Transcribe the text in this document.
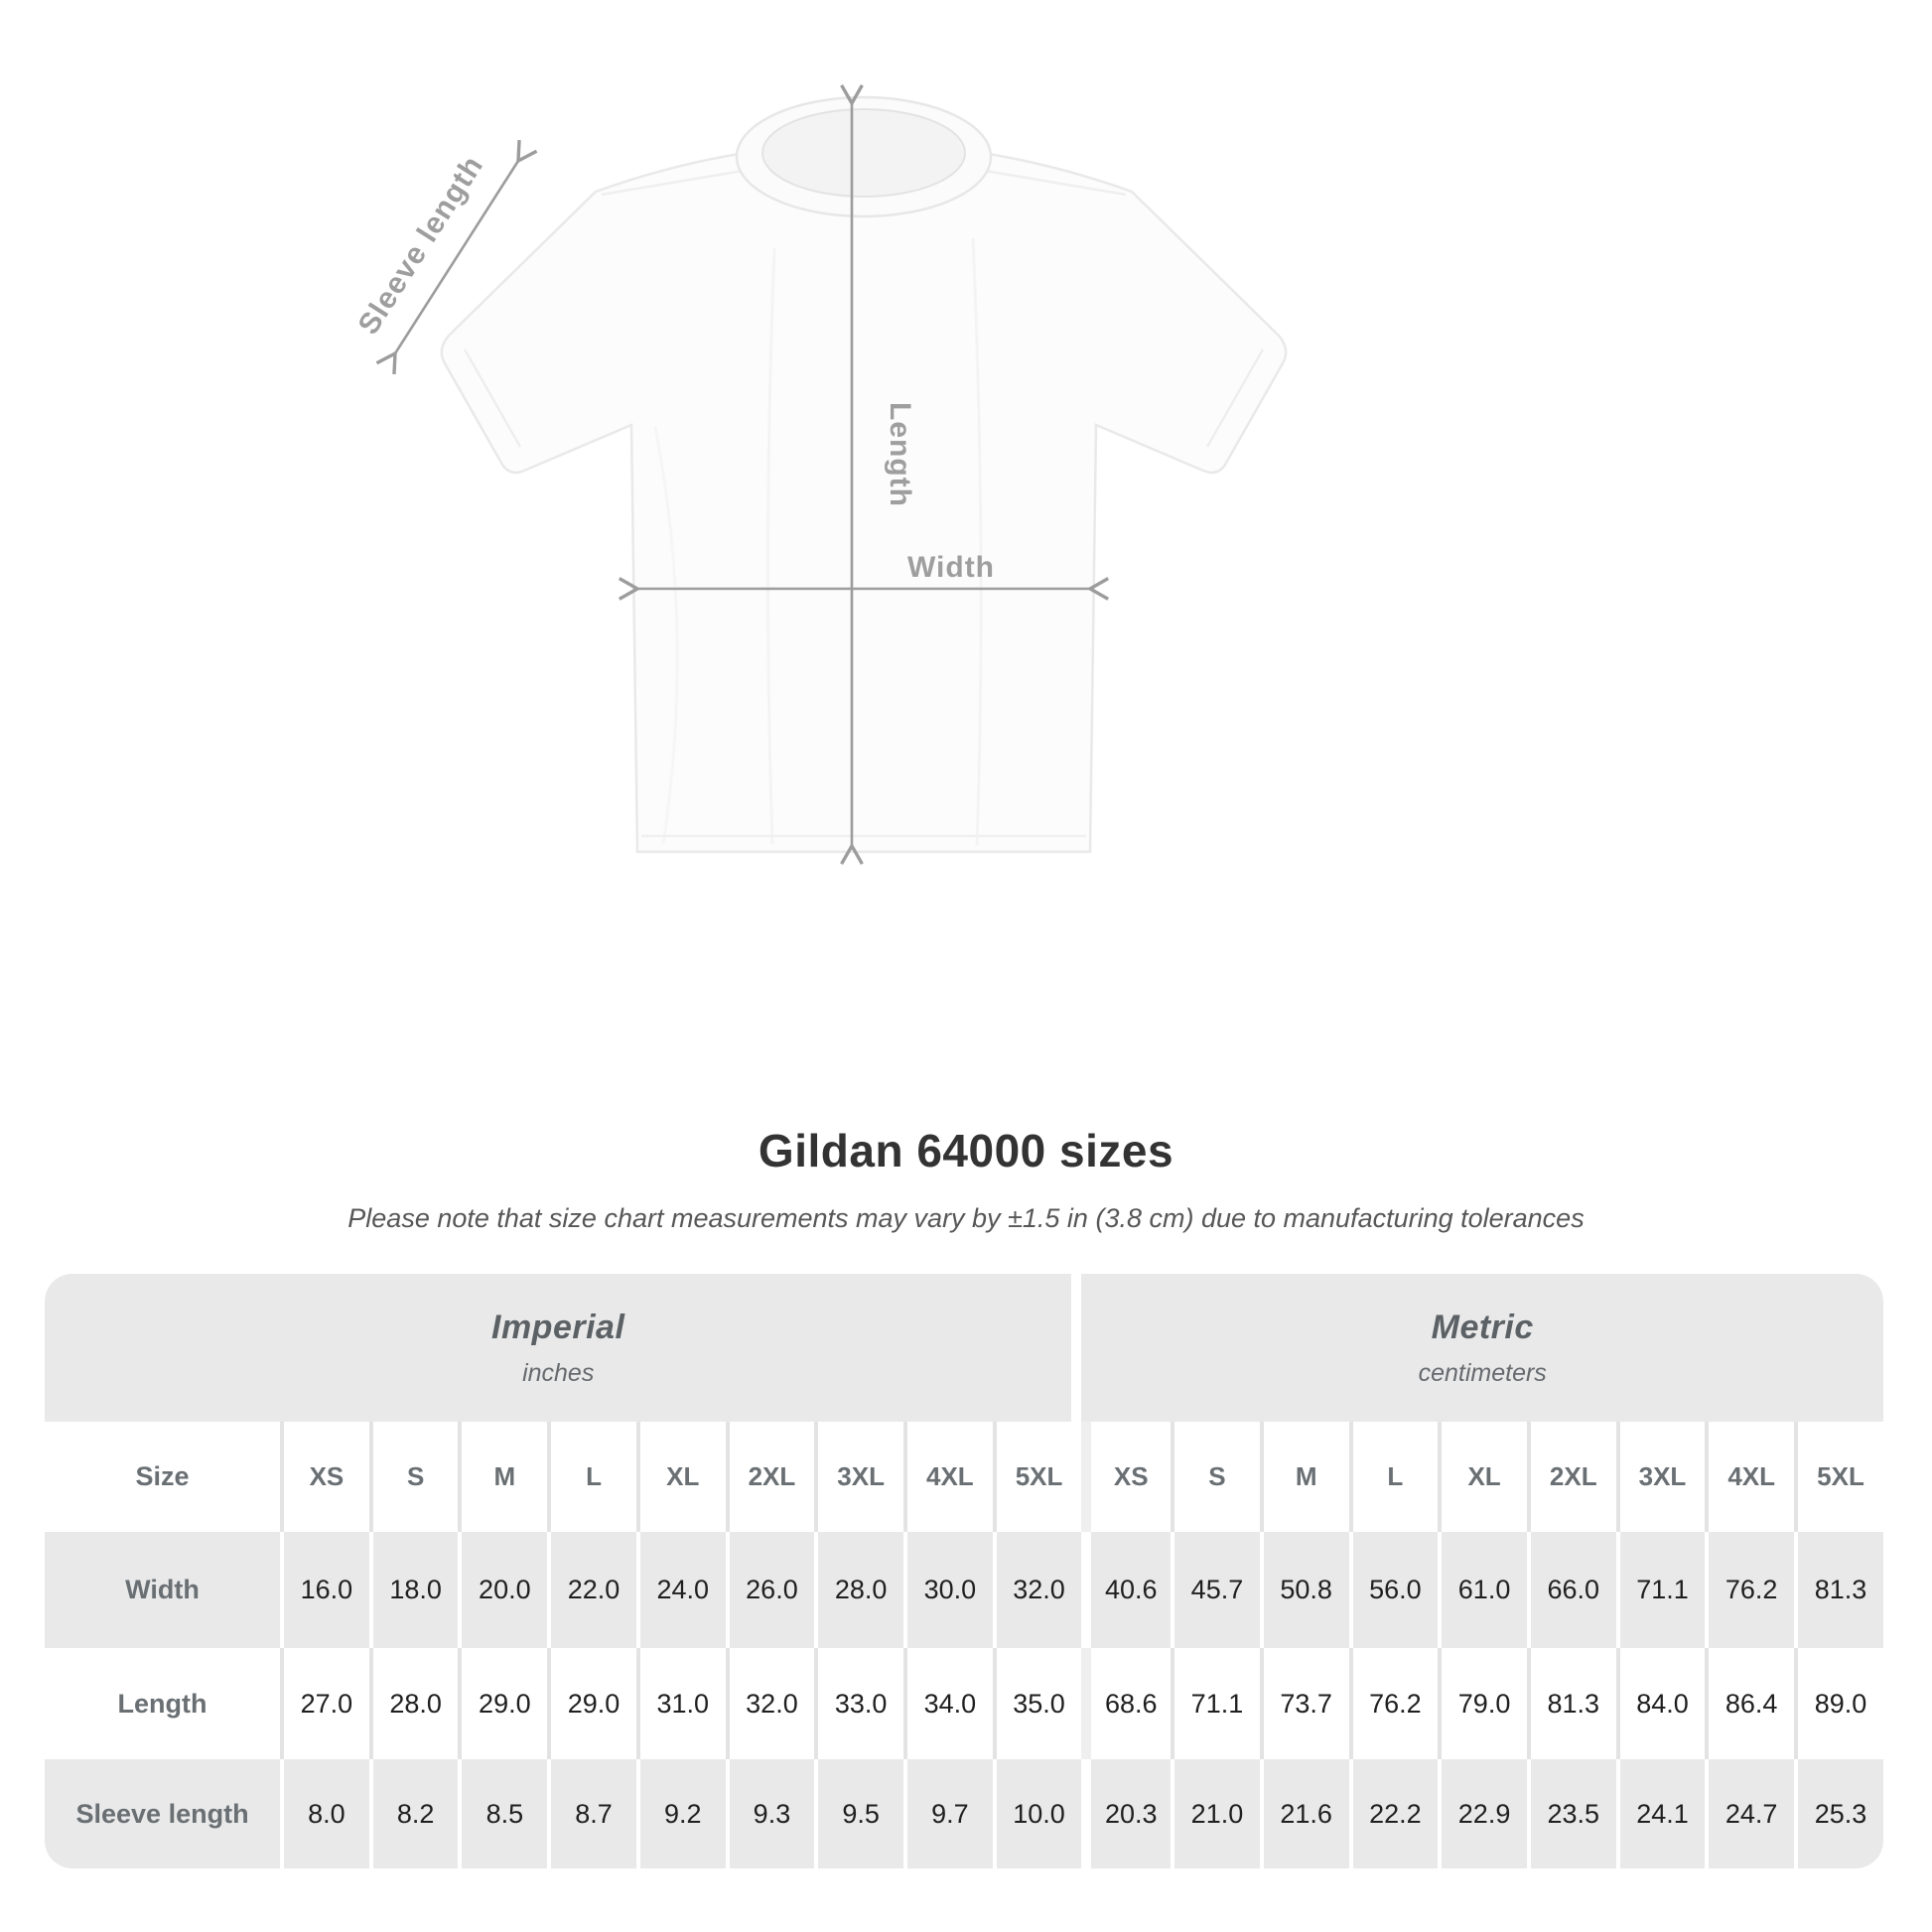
Length
Width
Sleeve length
Gildan 64000 sizes
Please note that size chart measurements may vary by ±1.5 in (3.8 cm) due to manufacturing tolerances
Imperial
inches

Metric
centimeters

Size	XS	S	M	L	XL	2XL	3XL	4XL	5XL	XS	S	M	L	XL	2XL	3XL	4XL	5XL
Width	16.0	18.0	20.0	22.0	24.0	26.0	28.0	30.0	32.0	40.6	45.7	50.8	56.0	61.0	66.0	71.1	76.2	81.3
Length	27.0	28.0	29.0	29.0	31.0	32.0	33.0	34.0	35.0	68.6	71.1	73.7	76.2	79.0	81.3	84.0	86.4	89.0
Sleeve length	8.0	8.2	8.5	8.7	9.2	9.3	9.5	9.7	10.0	20.3	21.0	21.6	22.2	22.9	23.5	24.1	24.7	25.3
